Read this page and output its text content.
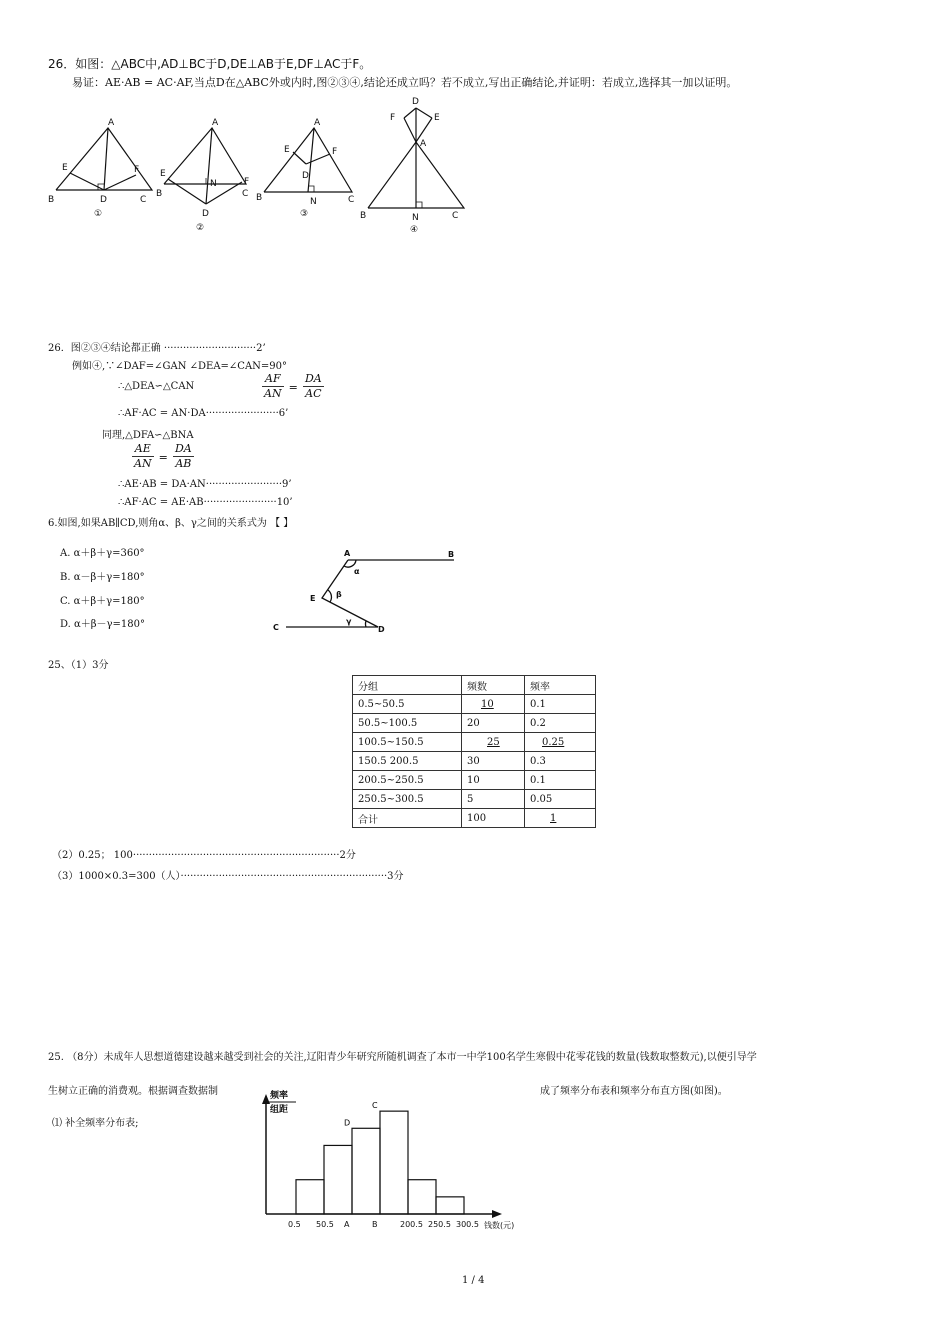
26．如图：△ABC中,AD⊥BC于D,DE⊥AB于E,DF⊥AC于F。
易证：AE·AB = AC·AF,当点D在△ABC外或内时,图②③④,结论还成立吗？若不成立,写出正确结论,并证明：若成立,选择其一加以证明。
A
B	C
D
E	F
①
A
B	C
D
E
F
N
②
A
B	C
D
E	F
N
③
D
F	E
A
B	C
N
④
26．图②③④结论都正确 ·····························2’
例如④,∵∠DAF=∠GAN ∠DEA=∠CAN=90°
∴△DEA∽△CAN	$\frac{AF}{AN} = \frac{DA}{AC}$
∴AF·AC = AN·DA·······················6’
同理,△DFA∽△BNA
$\frac{AE}{AN} = \frac{DA}{AB}$
∴AE·AB = DA·AN························9’
∴AF·AC = AE·AB·······················10’
6.如图,如果AB∥CD,则角α、β、γ之间的关系式为 【 】
A. α＋β＋γ=360°
B. α－β＋γ=180°
C. α＋β＋γ=180°
D. α＋β－γ=180°
A	B
C	D
E
α
β
γ
25、（1）3分
分组	频数	频率
0.5~50.5	10	0.1
50.5~100.5	20	0.2
100.5~150.5	25	0.25
150.5 200.5	30	0.3
200.5~250.5	10	0.1
250.5~300.5	5	0.05
合计	100	1
（2）0.25； 100·································································2分
（3）1000×0.3=300（人）·································································3分
25. （8分）未成年人思想道德建设越来越受到社会的关注,辽阳青少年研究所随机调查了本市一中学100名学生寒假中花零花钱的数量(钱数取整数元),以便引导学
生树立正确的消费观。根据调查数据制	成了频率分布表和频率分布直方图(如图)。
⑴ 补全频率分布表;
频率
组距
D
C
0.5 50.5 A	B	200.5 250.5 300.5 钱数(元)
1 / 4
